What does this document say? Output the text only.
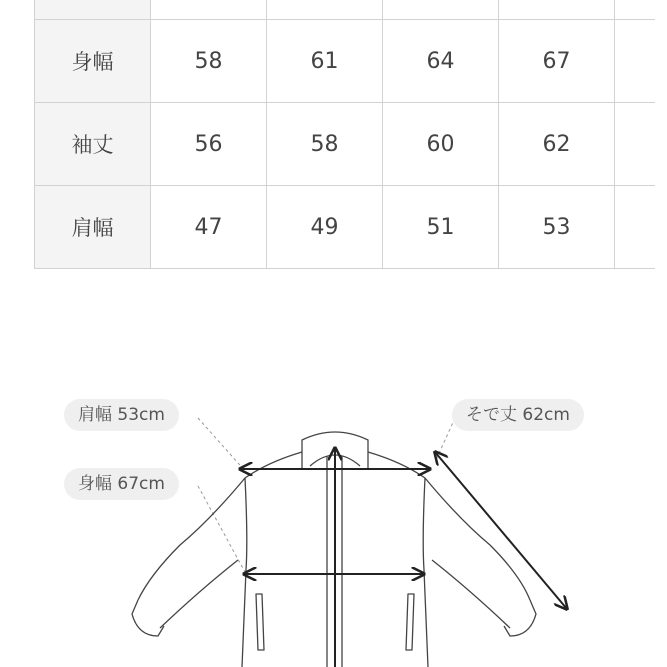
身幅	58	61	64	67	
袖丈	56	58	60	62	
肩幅	47	49	51	53	
肩幅 53cm
身幅 67cm
そで丈 62cm
